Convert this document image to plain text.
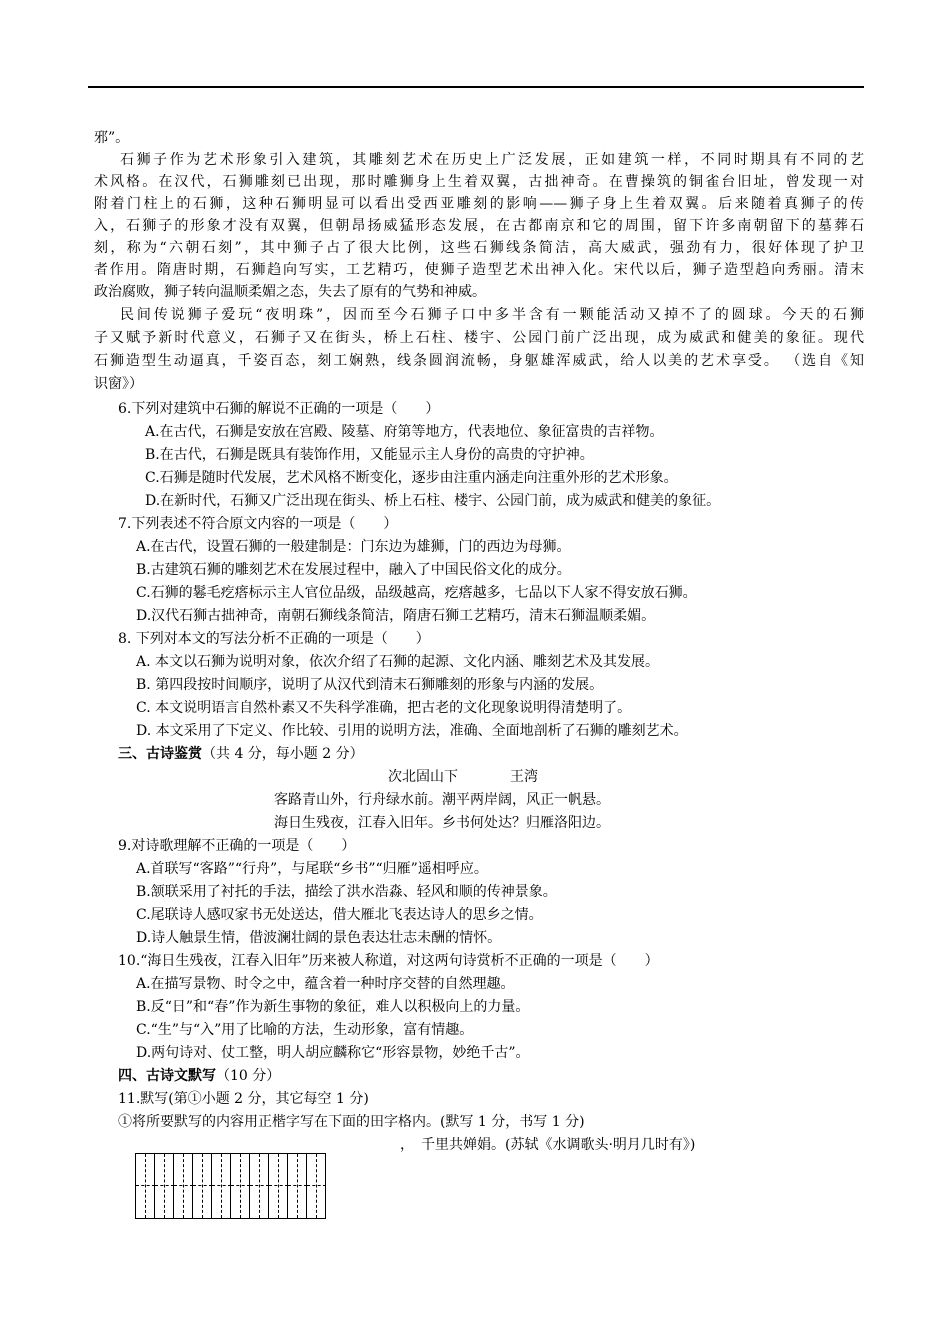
邪”。
石狮子作为艺术形象引入建筑，其雕刻艺术在历史上广泛发展，正如建筑一样，不同时期具有不同的艺
术风格。在汉代，石狮雕刻已出现，那时雕狮身上生着双翼，古拙神奇。在曹操筑的铜雀台旧址，曾发现一对
附着门柱上的石狮，这种石狮明显可以看出受西亚雕刻的影响——狮子身上生着双翼。后来随着真狮子的传
入，石狮子的形象才没有双翼，但朝昂扬威猛形态发展，在古都南京和它的周围，留下许多南朝留下的墓葬石
刻，称为“六朝石刻”，其中狮子占了很大比例，这些石狮线条简洁，高大威武，强劲有力，很好体现了护卫
者作用。隋唐时期，石狮趋向写实，工艺精巧，使狮子造型艺术出神入化。宋代以后，狮子造型趋向秀丽。清末
政治腐败，狮子转向温顺柔媚之态，失去了原有的气势和神威。
民间传说狮子爱玩“夜明珠”，因而至今石狮子口中多半含有一颗能活动又掉不了的圆球。今天的石狮
子又赋予新时代意义，石狮子又在街头，桥上石柱、楼宇、公园门前广泛出现，成为威武和健美的象征。现代
石狮造型生动逼真，千姿百态，刻工娴熟，线条圆润流畅，身躯雄浑威武，给人以美的艺术享受。 （选自《知
识窗》）
6.下列对建筑中石狮的解说不正确的一项是（　　）
A.在古代，石狮是安放在宫殿、陵墓、府第等地方，代表地位、象征富贵的吉祥物。
B.在古代，石狮是既具有装饰作用，又能显示主人身份的高贵的守护神。
C.石狮是随时代发展，艺术风格不断变化，逐步由注重内涵走向注重外形的艺术形象。
D.在新时代，石狮又广泛出现在街头、桥上石柱、楼宇、公园门前，成为威武和健美的象征。
7.下列表述不符合原文内容的一项是（　　）
A.在古代，设置石狮的一般建制是：门东边为雄狮，门的西边为母狮。
B.古建筑石狮的雕刻艺术在发展过程中，融入了中国民俗文化的成分。
C.石狮的鬈毛疙瘩标示主人官位品级，品级越高，疙瘩越多，七品以下人家不得安放石狮。
D.汉代石狮古拙神奇，南朝石狮线条简洁，隋唐石狮工艺精巧，清末石狮温顺柔媚。
8. 下列对本文的写法分析不正确的一项是（　　）
A. 本文以石狮为说明对象，依次介绍了石狮的起源、文化内涵、雕刻艺术及其发展。
B. 第四段按时间顺序，说明了从汉代到清末石狮雕刻的形象与内涵的发展。
C. 本文说明语言自然朴素又不失科学准确，把古老的文化现象说明得清楚明了。
D. 本文采用了下定义、作比较、引用的说明方法，准确、全面地剖析了石狮的雕刻艺术。
三、古诗鉴赏（共 4 分，每小题 2 分）
次北固山下	王湾
客路青山外，行舟绿水前。潮平两岸阔，风正一帆悬。
海日生残夜，江春入旧年。乡书何处达？归雁洛阳边。
9.对诗歌理解不正确的一项是（　　）
A.首联写“客路”“行舟”，与尾联“乡书”“归雁”遥相呼应。
B.颔联采用了衬托的手法，描绘了洪水浩淼、轻风和顺的传神景象。
C.尾联诗人感叹家书无处送达，借大雁北飞表达诗人的思乡之情。
D.诗人触景生情，借波澜壮阔的景色表达壮志未酬的情怀。
10.“海日生残夜，江春入旧年”历来被人称道，对这两句诗赏析不正确的一项是（　　）
A.在描写景物、时令之中，蕴含着一种时序交替的自然理趣。
B.反“日”和“春”作为新生事物的象征，难人以积极向上的力量。
C.“生”与“入”用了比喻的方法，生动形象，富有情趣。
D.两句诗对、仗工整，明人胡应麟称它“形容景物，妙绝千古”。
四、古诗文默写（10 分）
11.默写(第①小题 2 分，其它每空 1 分)
①将所要默写的内容用正楷字写在下面的田字格内。(默写 1 分，书写 1 分)
，　千里共婵娟。(苏轼《水调歌头·明月几时有》)
